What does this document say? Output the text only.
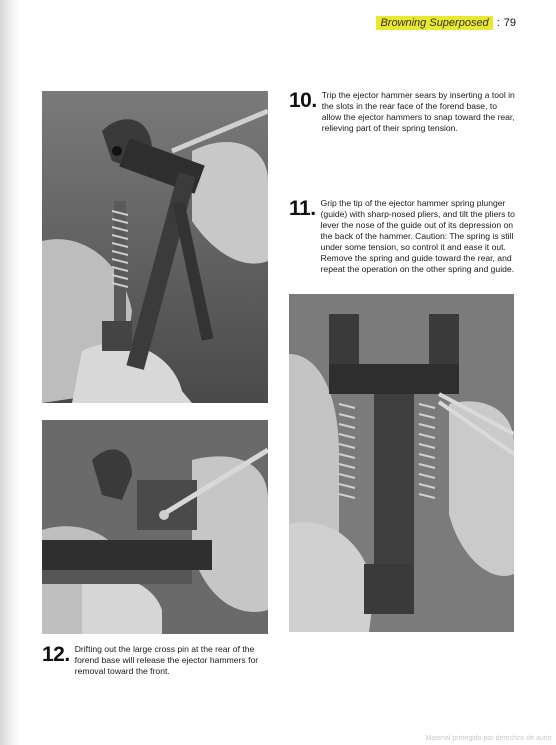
Browning Superposed : 79
10. Trip the ejector hammer sears by inserting a tool in the slots in the rear face of the forend base, to allow the ejector hammers to snap toward the rear, relieving part of their spring tension.
11. Grip the tip of the ejector hammer spring plunger (guide) with sharp-nosed pliers, and tilt the pliers to lever the nose of the guide out of its depression on the back of the hammer. Caution: The spring is still under some tension, so control it and ease it out. Remove the spring and guide toward the rear, and repeat the operation on the other spring and guide.
12. Drifting out the large cross pin at the rear of the forend base will release the ejector hammers for removal toward the front.
Material protegido por derechos de autor
